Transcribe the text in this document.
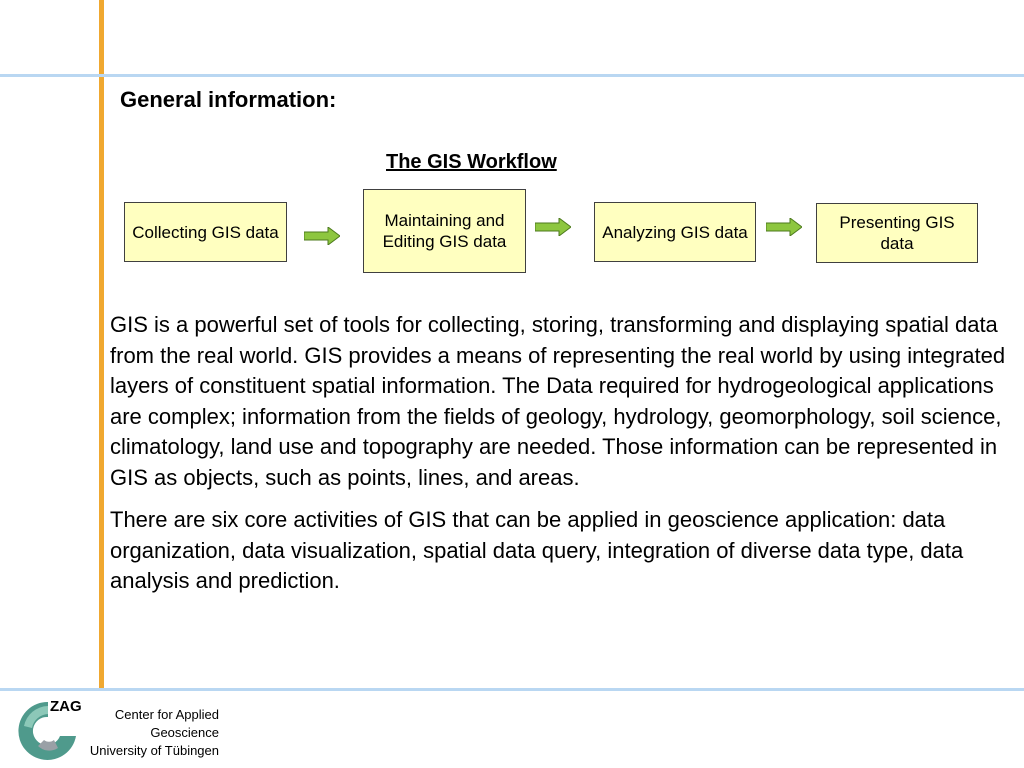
General information:
The GIS Workflow
Collecting GIS data
Maintaining and Editing GIS data	Analyzing GIS data	Presenting GIS data

GIS is a powerful set of tools for collecting, storing, transforming and displaying spatial data from the real world. GIS provides a means of representing the real world by using integrated layers of constituent spatial information. The Data required for hydrogeological applications are complex; information from the fields of geology, hydrology, geomorphology, soil science, climatology, land use and topography are needed. Those information can be represented in GIS as objects, such as points, lines, and areas.

There are six core activities of GIS that can be applied in geoscience application: data organization, data visualization, spatial data query, integration of diverse data type, data analysis and prediction.

ZAG	Center for Applied
Geoscience
University of Tübingen
